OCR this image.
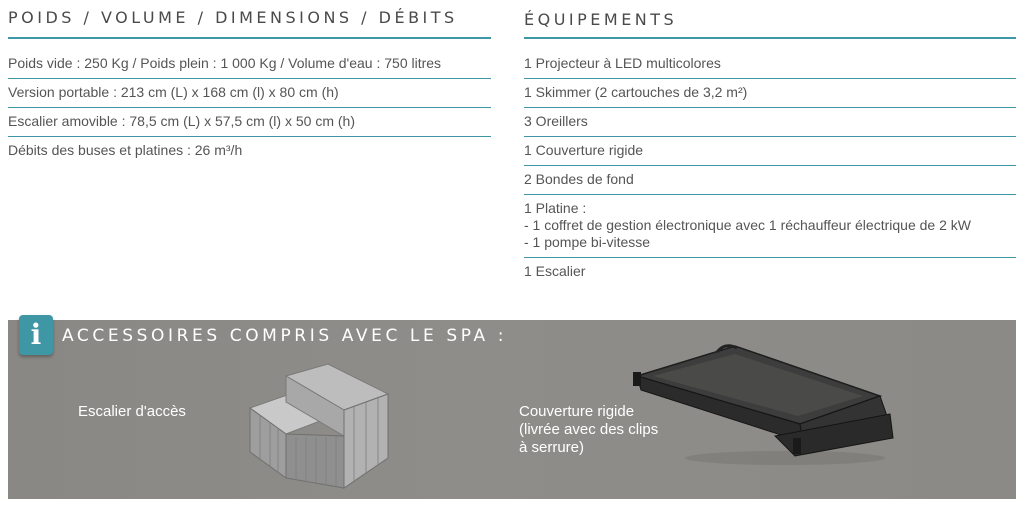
POIDS / VOLUME / DIMENSIONS / DÉBITS
Poids vide : 250 Kg / Poids plein : 1 000 Kg / Volume d'eau : 750 litres
Version portable : 213 cm (L) x 168 cm (l) x 80 cm (h)
Escalier amovible : 78,5 cm (L) x 57,5 cm (l) x 50 cm (h)
Débits des buses et platines : 26 m³/h
ÉQUIPEMENTS
1 Projecteur à LED multicolores
1 Skimmer (2 cartouches de 3,2 m²)
3 Oreillers
1 Couverture rigide
2 Bondes de fond
1 Platine :
- 1 coffret de gestion électronique avec 1 réchauffeur électrique de 2 kW
- 1 pompe bi-vitesse
1 Escalier
i	ACCESSOIRES COMPRIS AVEC LE SPA :
Escalier d'accès	Couverture rigide
(livrée avec des clips
à serrure)
